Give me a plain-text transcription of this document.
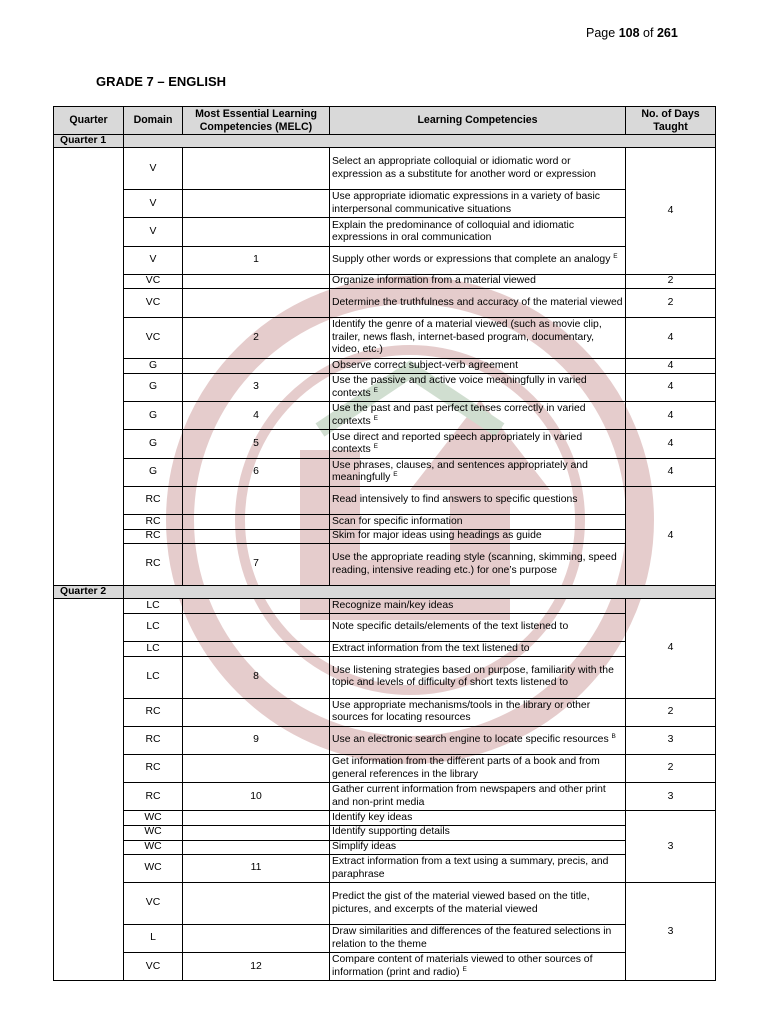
Page 108 of 261
GRADE 7 – ENGLISH
Quarter	Domain	Most Essential Learning Competencies (MELC)	Learning Competencies	No. of Days Taught
Quarter 1				
	V		Select an appropriate colloquial or idiomatic word or expression as a substitute for another word or expression	4
	V		Use appropriate idiomatic expressions in a variety of basic interpersonal communicative situations	
	V		Explain the predominance of colloquial and idiomatic expressions in oral communication	
	V	1	Supply other words or expressions that complete an analogy $^E$
	VC		Organize information from a material viewed	2
	VC		Determine the truthfulness and accuracy of the material viewed	2
	VC	2	Identify the genre of a material viewed (such as movie clip, trailer, news flash, internet-based program, documentary, video, etc.)	4
	G		Observe correct subject-verb agreement	4
	G	3	Use the passive and active voice meaningfully in varied contexts $^E$	4
	G	4	Use the past and past perfect tenses correctly in varied contexts $^E$	4
	G	5	Use direct and reported speech appropriately in varied contexts $^E$	4
	G	6	Use phrases, clauses, and sentences appropriately and meaningfully $^E$	4
	RC		Read intensively to find answers to specific questions	4
	RC		Scan for specific information	
	RC		Skim for major ideas using headings as guide	
	RC	7	Use the appropriate reading style (scanning, skimming, speed reading, intensive reading etc.) for one’s purpose	
Quarter 2				
	LC		Recognize main/key ideas	4
	LC		Note specific details/elements of the text listened to	
	LC		Extract information from the text listened to	
	LC	8	Use listening strategies based on purpose, familiarity with the topic and levels of difficulty of short texts listened to	
	RC		Use appropriate mechanisms/tools in the library or other sources for locating resources	2
	RC	9	Use an electronic search engine to locate specific resources $^B$	3
	RC		Get information from the different parts of a book and from general references in the library	2
	RC	10	Gather current information from newspapers and other print and non-print media	3
	WC		Identify key ideas	3
	WC		Identify supporting details	
	WC		Simplify ideas	
	WC	11	Extract information from a text using a summary, precis, and paraphrase	
	VC		Predict the gist of the material viewed based on the title, pictures, and excerpts of the material viewed	3
	L		Draw similarities and differences of the featured selections in relation to the theme	
	VC	12	Compare content of materials viewed to other sources of information (print and radio) $^E$
